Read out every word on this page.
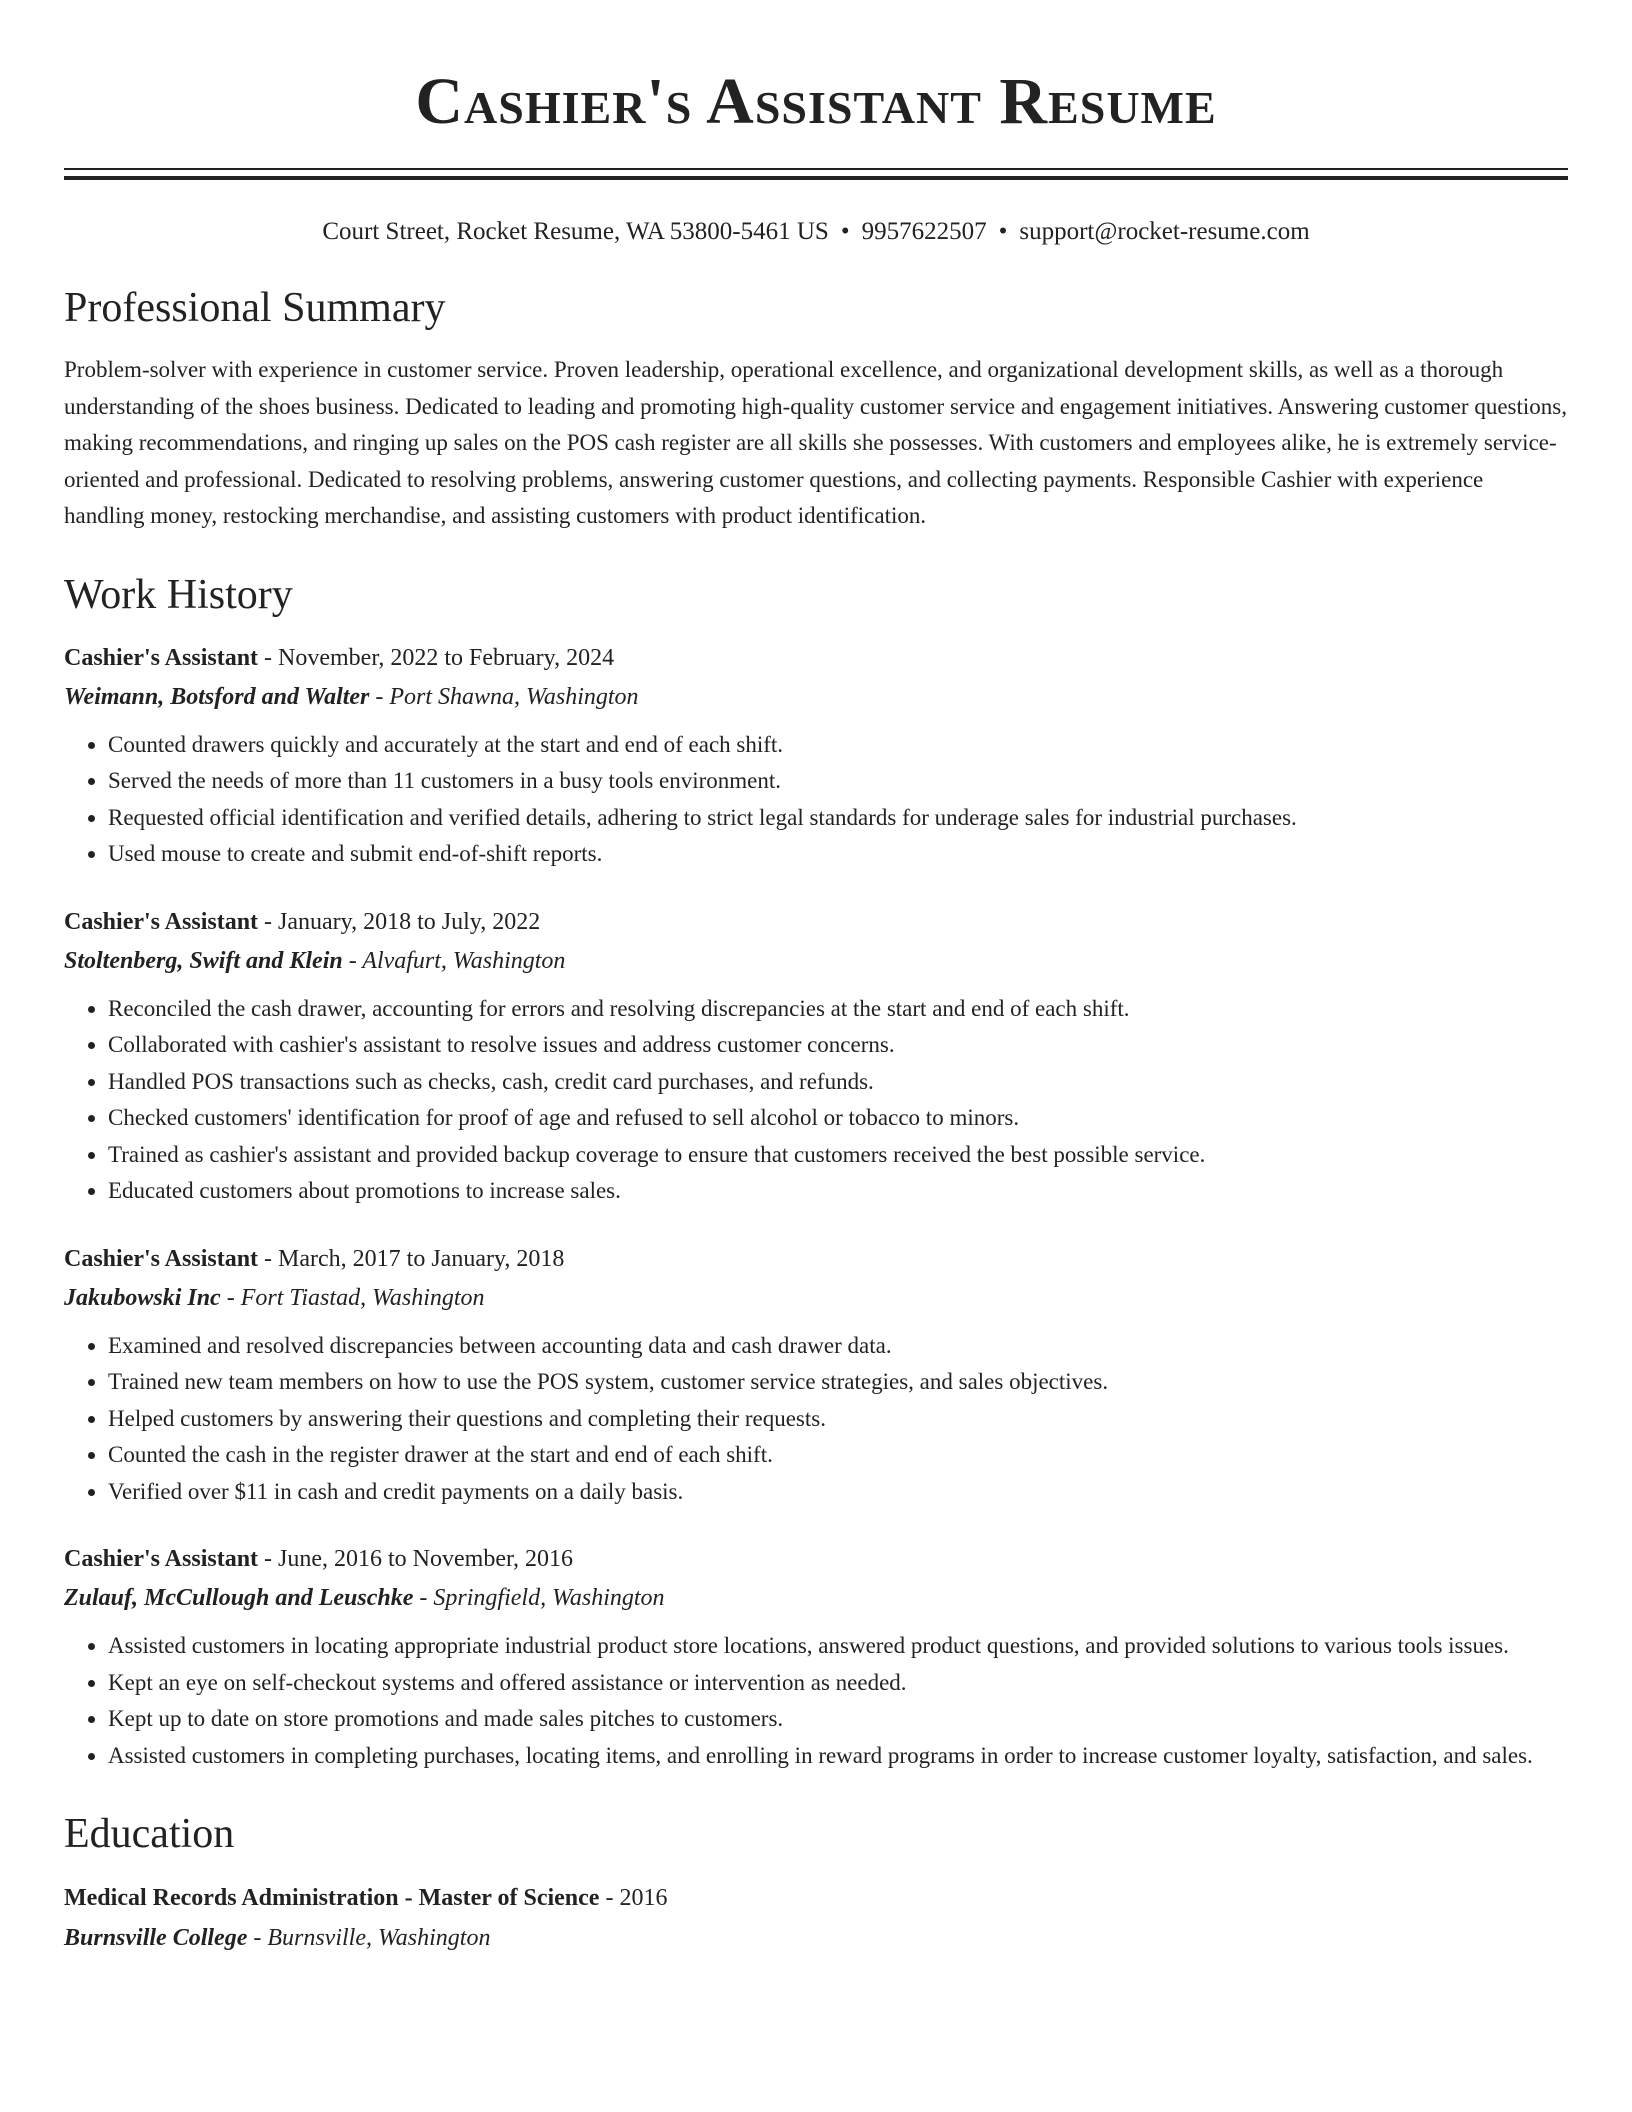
Cashier's Assistant Resume
Court Street, Rocket Resume, WA 53800-5461 US • 9957622507 • support@rocket-resume.com
Professional Summary

Problem-solver with experience in customer service. Proven leadership, operational excellence, and organizational development skills, as well as a thorough understanding of the shoes business. Dedicated to leading and promoting high-quality customer service and engagement initiatives. Answering customer questions, making recommendations, and ringing up sales on the POS cash register are all skills she possesses. With customers and employees alike, he is extremely service-oriented and professional. Dedicated to resolving problems, answering customer questions, and collecting payments. Responsible Cashier with experience handling money, restocking merchandise, and assisting customers with product identification.

Work History
Cashier's Assistant - November, 2022 to February, 2024
Weimann, Botsford and Walter - Port Shawna, Washington
• Counted drawers quickly and accurately at the start and end of each shift.
• Served the needs of more than 11 customers in a busy tools environment.
• Requested official identification and verified details, adhering to strict legal standards for underage sales for industrial purchases.
• Used mouse to create and submit end-of-shift reports.
Cashier's Assistant - January, 2018 to July, 2022
Stoltenberg, Swift and Klein - Alvafurt, Washington
• Reconciled the cash drawer, accounting for errors and resolving discrepancies at the start and end of each shift.
• Collaborated with cashier's assistant to resolve issues and address customer concerns.
• Handled POS transactions such as checks, cash, credit card purchases, and refunds.
• Checked customers' identification for proof of age and refused to sell alcohol or tobacco to minors.
• Trained as cashier's assistant and provided backup coverage to ensure that customers received the best possible service.
• Educated customers about promotions to increase sales.
Cashier's Assistant - March, 2017 to January, 2018
Jakubowski Inc - Fort Tiastad, Washington
• Examined and resolved discrepancies between accounting data and cash drawer data.
• Trained new team members on how to use the POS system, customer service strategies, and sales objectives.
• Helped customers by answering their questions and completing their requests.
• Counted the cash in the register drawer at the start and end of each shift.
• Verified over $11 in cash and credit payments on a daily basis.
Cashier's Assistant - June, 2016 to November, 2016
Zulauf, McCullough and Leuschke - Springfield, Washington
• Assisted customers in locating appropriate industrial product store locations, answered product questions, and provided solutions to various tools issues.
• Kept an eye on self-checkout systems and offered assistance or intervention as needed.
• Kept up to date on store promotions and made sales pitches to customers.
• Assisted customers in completing purchases, locating items, and enrolling in reward programs in order to increase customer loyalty, satisfaction, and sales.
Education
Medical Records Administration - Master of Science - 2016
Burnsville College - Burnsville, Washington
